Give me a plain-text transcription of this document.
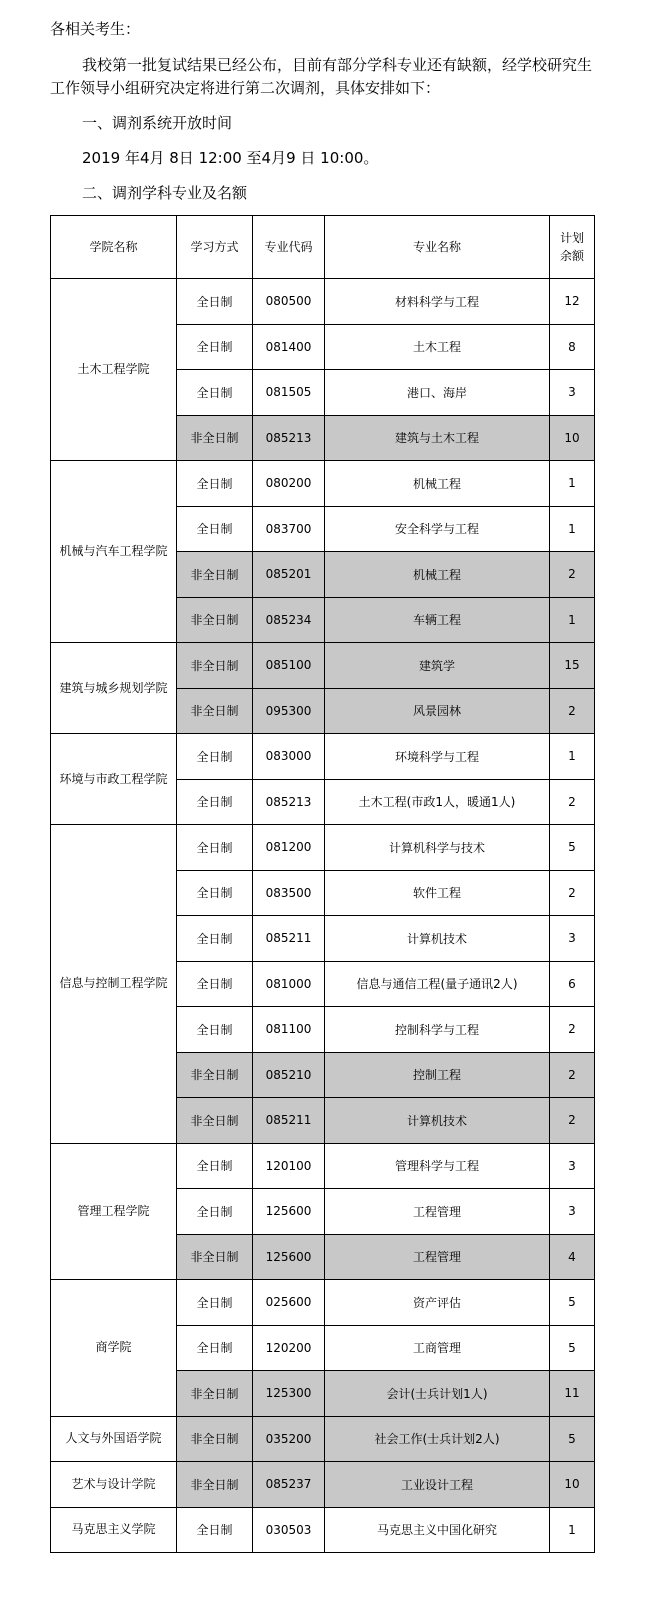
各相关考生：

我校第一批复试结果已经公布，目前有部分学科专业还有缺额，经学校研究生

工作领导小组研究决定将进行第二次调剂，具体安排如下：

一、调剂系统开放时间

2019 年4月 8日 12:00 至4月9 日 10:00。

二、调剂学科专业及名额

学院名称	学习方式	专业代码	专业名称	计划
余额
土木工程学院	全日制	080500	材料科学与工程	12
	全日制	081400	土木工程	8
	全日制	081505	港口、海岸	3
	非全日制	085213	建筑与土木工程	10
机械与汽车工程学院	全日制	080200	机械工程	1
	全日制	083700	安全科学与工程	1
	非全日制	085201	机械工程	2
	非全日制	085234	车辆工程	1
建筑与城乡规划学院	非全日制	085100	建筑学	15
	非全日制	095300	风景园林	2
环境与市政工程学院	全日制	083000	环境科学与工程	1
	全日制	085213	土木工程(市政1人，暖通1人)	2
信息与控制工程学院	全日制	081200	计算机科学与技术	5
	全日制	083500	软件工程	2
	全日制	085211	计算机技术	3
	全日制	081000	信息与通信工程(量子通讯2人)	6
	全日制	081100	控制科学与工程	2
	非全日制	085210	控制工程	2
	非全日制	085211	计算机技术	2
管理工程学院	全日制	120100	管理科学与工程	3
	全日制	125600	工程管理	3
	非全日制	125600	工程管理	4
商学院	全日制	025600	资产评估	5
	全日制	120200	工商管理	5
	非全日制	125300	会计(士兵计划1人)	11
人文与外国语学院	非全日制	035200	社会工作(士兵计划2人)	5
艺术与设计学院	非全日制	085237	工业设计工程	10
马克思主义学院	全日制	030503	马克思主义中国化研究	1
